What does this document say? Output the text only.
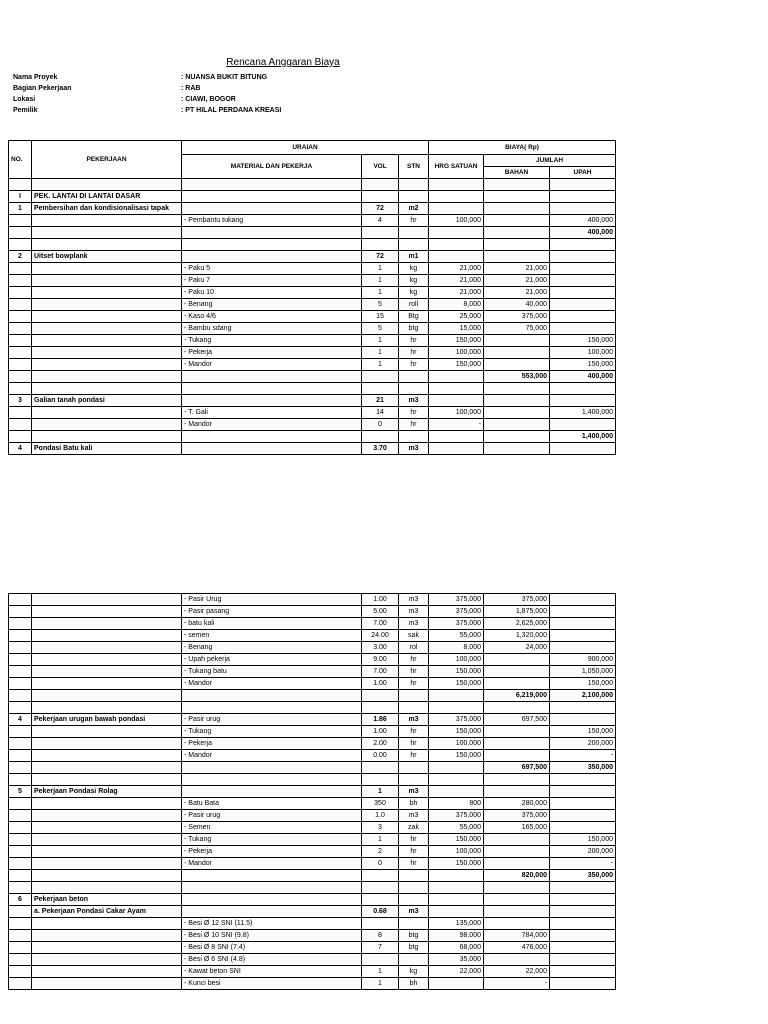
Rencana Anggaran Biaya
Nama Proyek	: NUANSA BUKIT BITUNG
Bagian Pekerjaan	: RAB
Lokasi	: CIAWI, BOGOR
Pemilik	: PT HILAL PERDANA KREASI
NO.	PEKERJAAN	URAIAN			BIAYA( Rp)		
		MATERIAL DAN PEKERJA	VOL	STN	HRG SATUAN	JUMLAH	
						BAHAN	UPAH

I	PEK. LANTAI DI LANTAI DASAR						
1	Pembersihan dan kondisionalisasi tapak		72	m2			
		- Pembantu tukang	4	hr	100,000		400,000
							400,000

2	Uitset bowplank		72	m1			
		- Paku 5	1	kg	21,000	21,000	
		- Paku 7	1	kg	21,000	21,000	
		- Paku 10	1	kg	21,000	21,000	
		- Benang	5	roll	8,000	40,000	
		- Kaso 4/6	15	Btg	25,000	375,000	
		- Bambu sdang	5	btg	15,000	75,000	
		- Tukang	1	hr	150,000		150,000
		- Pekerja	1	hr	100,000		100,000
		- Mandor	1	hr	150,000		150,000
						553,000	400,000

3	Galian tanah pondasi		21	m3			
		- T. Gali	14	hr	100,000		1,400,000
		- Mandor	0	hr	-		
							1,400,000
4	Pondasi Batu kali		3.70	m3			
		- Pasir Urug	1.00	m3	375,000	375,000	
		- Pasir pasang	5.00	m3	375,000	1,875,000	
		- batu kali	7.00	m3	375,000	2,625,000	
		- semen	24.00	sak	55,000	1,320,000	
		- Benang	3.00	rol	8,000	24,000	
		- Upah pekerja	9.00	hr	100,000		900,000
		- Tukang batu	7.00	hr	150,000		1,050,000
		- Mandor	1.00	hr	150,000		150,000
						6,219,000	2,100,000

4	Pekerjaan urugan bawah pondasi	- Pasir urug	1.86	m3	375,000	697,500	
		- Tukang	1.00	hr	150,000		150,000
		- Pekerja	2.00	hr	100,000		200,000
		- Mandor	0.00	hr	150,000		-
						697,500	350,000

5	Pekerjaan Pondasi Rolag		1	m3			
		- Batu Bata	350	bh	800	280,000	
		- Pasir urug	1.0	m3	375,000	375,000	
		- Semen	3	zak	55,000	165,000	
		- Tukang	1	hr	150,000		150,000
		- Pekerja	2	hr	100,000		200,000
		- Mandor	0	hr	150,000		-
						820,000	350,000

6	Pekerjaan beton						
	a. Pekerjaan Pondasi Cakar Ayam		0.68	m3			
		- Besi Ø 12 SNI (11.5)			135,000		
		- Besi Ø 10 SNI (9.8)	8	btg	98,000	784,000	
		- Besi Ø 8 SNI (7.4)	7	btg	68,000	476,000	
		- Besi Ø 6 SNI (4.8)			35,000		
		- Kawat beton SNI	1	kg	22,000	22,000	
		- Kunci besi	1	bh		-	
